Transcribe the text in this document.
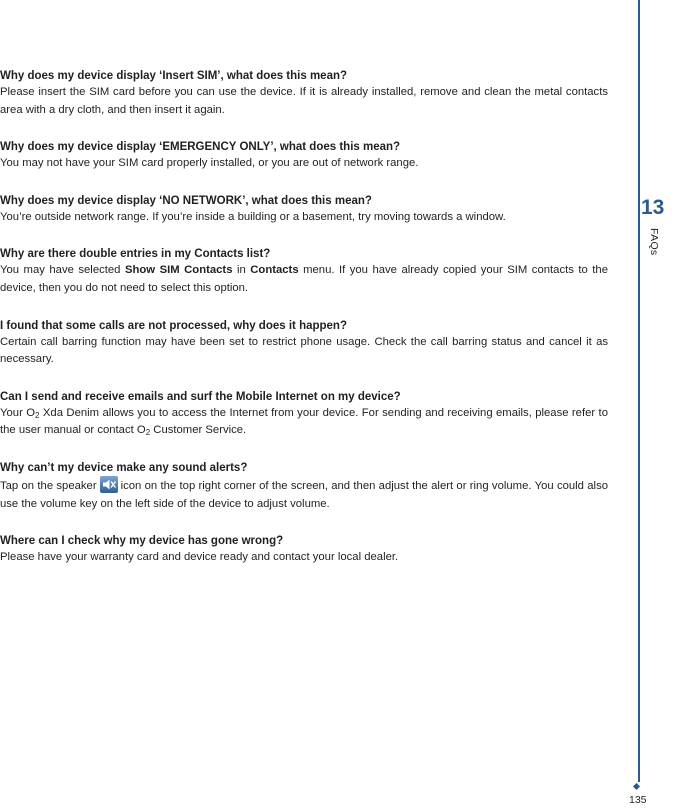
Why does my device display ‘Insert SIM’, what does this mean?

Please insert the SIM card before you can use the device. If it is already installed, remove and clean the metal contacts area with a dry cloth, and then insert it again.

Why does my device display ‘EMERGENCY ONLY’, what does this mean?

You may not have your SIM card properly installed, or you are out of network range.

Why does my device display ‘NO NETWORK’, what does this mean?

You’re outside network range. If you’re inside a building or a basement, try moving towards a window.

Why are there double entries in my Contacts list?

You may have selected Show SIM Contacts in Contacts menu. If you have already copied your SIM contacts to the device, then you do not need to select this option.

I found that some calls are not processed, why does it happen?

Certain call barring function may have been set to restrict phone usage. Check the call barring status and cancel it as necessary.

Can I send and receive emails and surf the Mobile Internet on my device?

Your $O_2$ Xda Denim allows you to access the Internet from your device. For sending and receiving emails, please refer to the user manual or contact $O_2$ Customer Service.

Why can’t my device make any sound alerts?

Tap on the speaker icon on the top right corner of the screen, and then adjust the alert or ring volume. You could also use the volume key on the left side of the device to adjust volume.

Where can I check why my device has gone wrong?

Please have your warranty card and device ready and contact your local dealer.

13
FAQs
135
